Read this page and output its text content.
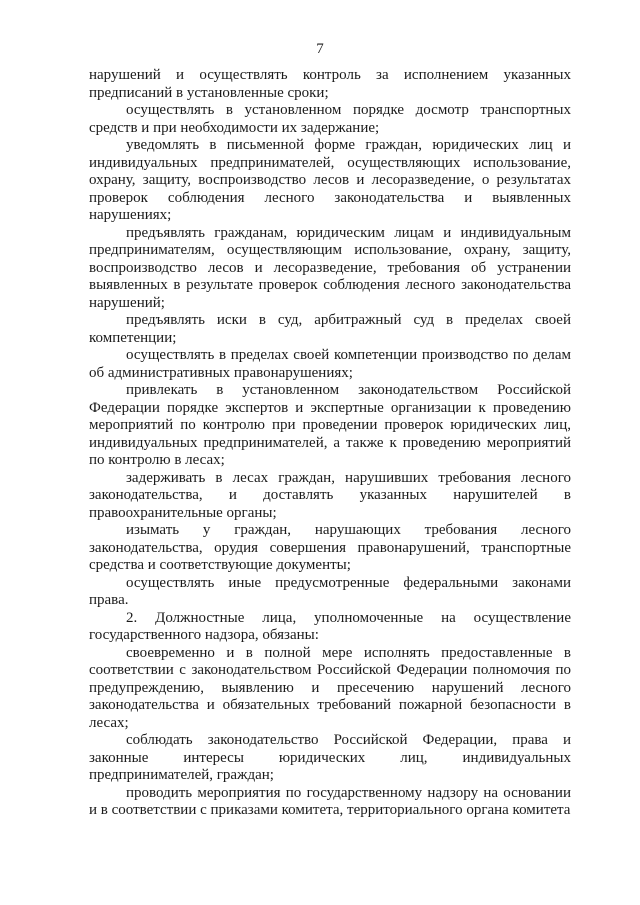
7

нарушений и осуществлять контроль за исполнением указанных предписаний в установленные сроки;

осуществлять в установленном порядке досмотр транспортных средств и при необходимости их задержание;

уведомлять в письменной форме граждан, юридических лиц и индивидуальных предпринимателей, осуществляющих использование, охрану, защиту, воспроизводство лесов и лесоразведение, о результатах проверок соблюдения лесного законодательства и выявленных нарушениях;

предъявлять гражданам, юридическим лицам и индивидуальным предпринимателям, осуществляющим использование, охрану, защиту, воспроизводство лесов и лесоразведение, требования об устранении выявленных в результате проверок соблюдения лесного законодательства нарушений;

предъявлять иски в суд, арбитражный суд в пределах своей компетенции;

осуществлять в пределах своей компетенции производство по делам об административных правонарушениях;

привлекать в установленном законодательством Российской Федерации порядке экспертов и экспертные организации к проведению мероприятий по контролю при проведении проверок юридических лиц, индивидуальных предпринимателей, а также к проведению мероприятий по контролю в лесах;

задерживать в лесах граждан, нарушивших требования лесного законодательства, и доставлять указанных нарушителей в правоохранительные органы;

изымать у граждан, нарушающих требования лесного законодательства, орудия совершения правонарушений, транспортные средства и соответствующие документы;

осуществлять иные предусмотренные федеральными законами права.

2. Должностные лица, уполномоченные на осуществление государственного надзора, обязаны:

своевременно и в полной мере исполнять предоставленные в соответствии с законодательством Российской Федерации полномочия по предупреждению, выявлению и пресечению нарушений лесного законодательства и обязательных требований пожарной безопасности в лесах;

соблюдать законодательство Российской Федерации, права и законные интересы юридических лиц, индивидуальных предпринимателей, граждан;

проводить мероприятия по государственному надзору на основании и в соответствии с приказами комитета, территориального органа комитета
